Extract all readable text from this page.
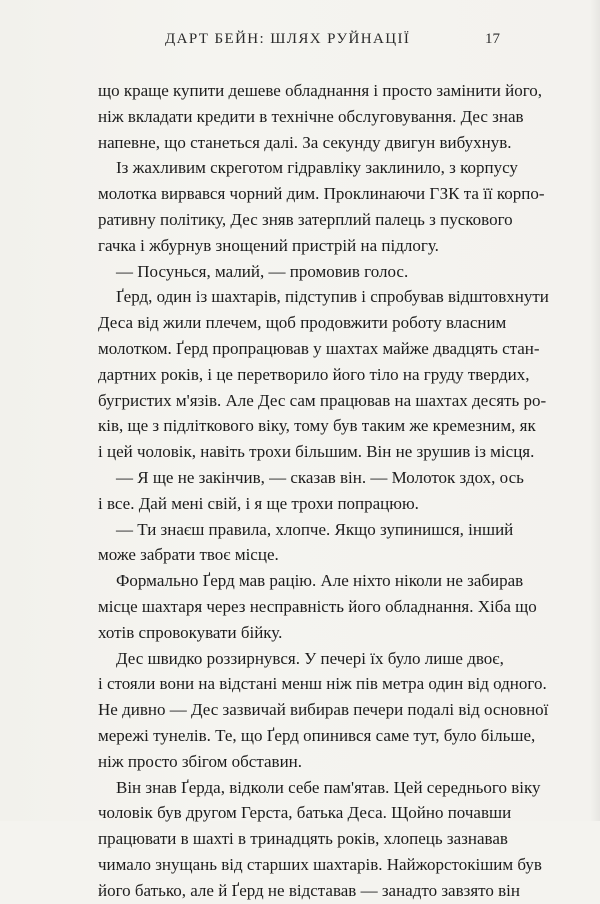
ДАРТ БЕЙН: ШЛЯХ РУЙНАЦІЇ	17
що краще купити дешеве обладнання і просто замінити його,
ніж вкладати кредити в технічне обслуговування. Дес знав
напевне, що станеться далі. За секунду двигун вибухнув.
Із жахливим скреготом гідравліку заклинило, з корпусу
молотка вирвався чорний дим. Проклинаючи ГЗК та її корпо-
ративну політику, Дес зняв затерплий палець з пускового
гачка і жбурнув знощений пристрій на підлогу.
— Посунься, малий, — промовив голос.
Ґерд, один із шахтарів, підступив і спробував відштовхнути
Деса від жили плечем, щоб продовжити роботу власним
молотком. Ґерд пропрацював у шахтах майже двадцять стан-
дартних років, і це перетворило його тіло на груду твердих,
бугристих м'язів. Але Дес сам працював на шахтах десять ро-
ків, ще з підліткового віку, тому був таким же кремезним, як
і цей чоловік, навіть трохи більшим. Він не зрушив із місця.
— Я ще не закінчив, — сказав він. — Молоток здох, ось
і все. Дай мені свій, і я ще трохи попрацюю.
— Ти знаєш правила, хлопче. Якщо зупинишся, інший
може забрати твоє місце.
Формально Ґерд мав рацію. Але ніхто ніколи не забирав
місце шахтаря через несправність його обладнання. Хіба що
хотів спровокувати бійку.
Дес швидко роззирнувся. У печері їх було лише двоє,
і стояли вони на відстані менш ніж пів метра один від одного.
Не дивно — Дес зазвичай вибирав печери подалі від основної
мережі тунелів. Те, що Ґерд опинився саме тут, було більше,
ніж просто збігом обставин.
Він знав Ґерда, відколи себе пам'ятав. Цей середнього віку
чоловік був другом Герста, батька Деса. Щойно почавши
працювати в шахті в тринадцять років, хлопець зазнавав
чимало знущань від старших шахтарів. Найжорстокішим був
його батько, але й Ґерд не відставав — занадто завзято він
